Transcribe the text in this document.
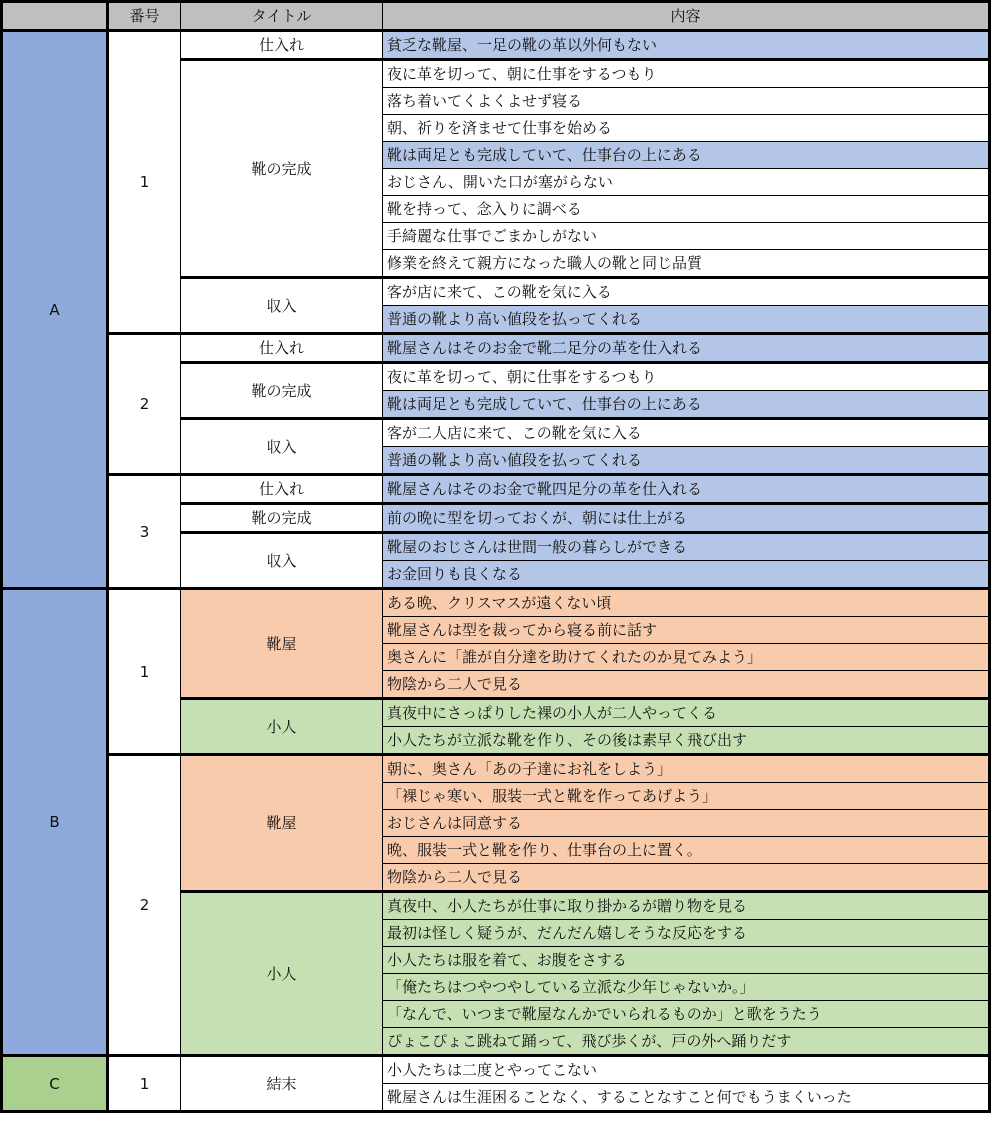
	番号	タイトル	内容
A	1	仕入れ	貧乏な靴屋、一足の靴の革以外何もない
		靴の完成	夜に革を切って、朝に仕事をするつもり
			落ち着いてくよくよせず寝る
			朝、祈りを済ませて仕事を始める
			靴は両足とも完成していて、仕事台の上にある
			おじさん、開いた口が塞がらない
			靴を持って、念入りに調べる
			手綺麗な仕事でごまかしがない
			修業を終えて親方になった職人の靴と同じ品質
		収入	客が店に来て、この靴を気に入る
			普通の靴より高い値段を払ってくれる
	2	仕入れ	靴屋さんはそのお金で靴二足分の革を仕入れる
		靴の完成	夜に革を切って、朝に仕事をするつもり
			靴は両足とも完成していて、仕事台の上にある
		収入	客が二人店に来て、この靴を気に入る
			普通の靴より高い値段を払ってくれる
	3	仕入れ	靴屋さんはそのお金で靴四足分の革を仕入れる
		靴の完成	前の晩に型を切っておくが、朝には仕上がる
		収入	靴屋のおじさんは世間一般の暮らしができる
			お金回りも良くなる
B	1	靴屋	ある晩、クリスマスが遠くない頃
			靴屋さんは型を裁ってから寝る前に話す
			奥さんに「誰が自分達を助けてくれたのか見てみよう」
			物陰から二人で見る
		小人	真夜中にさっぱりした裸の小人が二人やってくる
			小人たちが立派な靴を作り、その後は素早く飛び出す
	2	靴屋	朝に、奥さん「あの子達にお礼をしよう」
			「裸じゃ寒い、服装一式と靴を作ってあげよう」
			おじさんは同意する
			晩、服装一式と靴を作り、仕事台の上に置く。
			物陰から二人で見る
		小人	真夜中、小人たちが仕事に取り掛かるが贈り物を見る
			最初は怪しく疑うが、だんだん嬉しそうな反応をする
			小人たちは服を着て、お腹をさする
			「俺たちはつやつやしている立派な少年じゃないか。」
			「なんで、いつまで靴屋なんかでいられるものか」と歌をうたう
			ぴょこぴょこ跳ねて踊って、飛び歩くが、戸の外へ踊りだす
C	1	結末	小人たちは二度とやってこない
			靴屋さんは生涯困ることなく、することなすこと何でもうまくいった
